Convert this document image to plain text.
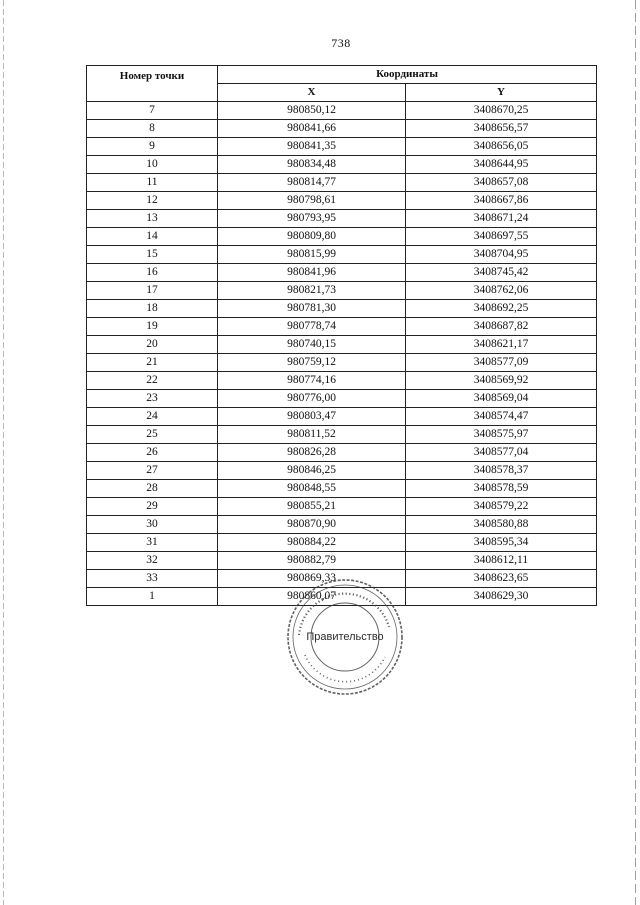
738
Номер точки	Координаты	
	X	Y
7	980850,12	3408670,25
8	980841,66	3408656,57
9	980841,35	3408656,05
10	980834,48	3408644,95
11	980814,77	3408657,08
12	980798,61	3408667,86
13	980793,95	3408671,24
14	980809,80	3408697,55
15	980815,99	3408704,95
16	980841,96	3408745,42
17	980821,73	3408762,06
18	980781,30	3408692,25
19	980778,74	3408687,82
20	980740,15	3408621,17
21	980759,12	3408577,09
22	980774,16	3408569,92
23	980776,00	3408569,04
24	980803,47	3408574,47
25	980811,52	3408575,97
26	980826,28	3408577,04
27	980846,25	3408578,37
28	980848,55	3408578,59
29	980855,21	3408579,22
30	980870,90	3408580,88
31	980884,22	3408595,34
32	980882,79	3408612,11
33	980869,33	3408623,65
1	980860,07	3408629,30
Правительство
